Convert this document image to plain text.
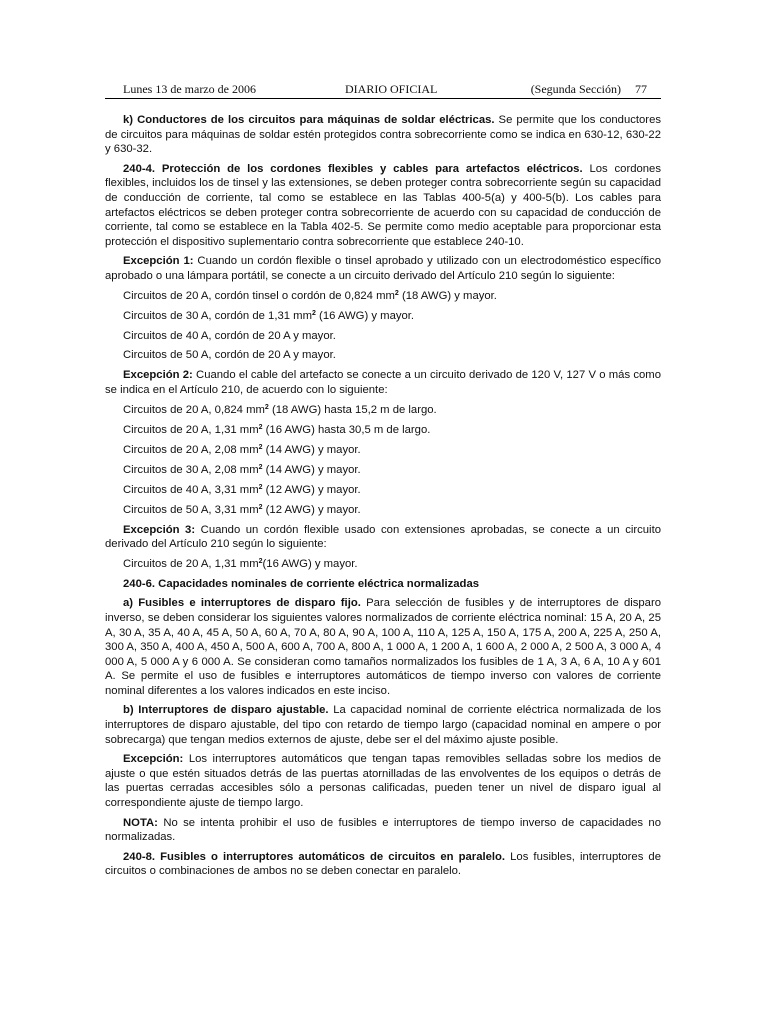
Lunes 13 de marzo de 2006	DIARIO OFICIAL	(Segunda Sección) 77

k) Conductores de los circuitos para máquinas de soldar eléctricas. Se permite que los conductores de circuitos para máquinas de soldar estén protegidos contra sobrecorriente como se indica en 630-12, 630-22 y 630-32.

240-4. Protección de los cordones flexibles y cables para artefactos eléctricos. Los cordones flexibles, incluidos los de tinsel y las extensiones, se deben proteger contra sobrecorriente según su capacidad de conducción de corriente, tal como se establece en las Tablas 400-5(a) y 400-5(b). Los cables para artefactos eléctricos se deben proteger contra sobrecorriente de acuerdo con su capacidad de conducción de corriente, tal como se establece en la Tabla 402-5. Se permite como medio aceptable para proporcionar esta protección el dispositivo suplementario contra sobrecorriente que establece 240-10.

Excepción 1: Cuando un cordón flexible o tinsel aprobado y utilizado con un electrodoméstico específico aprobado o una lámpara portátil, se conecte a un circuito derivado del Artículo 210 según lo siguiente:

Circuitos de 20 A, cordón tinsel o cordón de 0,824 $mm^2$ (18 AWG) y mayor.

Circuitos de 30 A, cordón de 1,31 $mm^2$ (16 AWG) y mayor.

Circuitos de 40 A, cordón de 20 A y mayor.

Circuitos de 50 A, cordón de 20 A y mayor.

Excepción 2: Cuando el cable del artefacto se conecte a un circuito derivado de 120 V, 127 V o más como se indica en el Artículo 210, de acuerdo con lo siguiente:

Circuitos de 20 A, 0,824 $mm^2$ (18 AWG) hasta 15,2 m de largo.

Circuitos de 20 A, 1,31 $mm^2$ (16 AWG) hasta 30,5 m de largo.

Circuitos de 20 A, 2,08 $mm^2$ (14 AWG) y mayor.

Circuitos de 30 A, 2,08 $mm^2$ (14 AWG) y mayor.

Circuitos de 40 A, 3,31 $mm^2$ (12 AWG) y mayor.

Circuitos de 50 A, 3,31 $mm^2$ (12 AWG) y mayor.

Excepción 3: Cuando un cordón flexible usado con extensiones aprobadas, se conecte a un circuito derivado del Artículo 210 según lo siguiente:

Circuitos de 20 A, 1,31 $mm^2(16$ AWG) y mayor.

240-6. Capacidades nominales de corriente eléctrica normalizadas

a) Fusibles e interruptores de disparo fijo. Para selección de fusibles y de interruptores de disparo inverso, se deben considerar los siguientes valores normalizados de corriente eléctrica nominal: 15 A, 20 A, 25 A, 30 A, 35 A, 40 A, 45 A, 50 A, 60 A, 70 A, 80 A, 90 A, 100 A, 110 A, 125 A, 150 A, 175 A, 200 A, 225 A, 250 A, 300 A, 350 A, 400 A, 450 A, 500 A, 600 A, 700 A, 800 A, 1 000 A, 1 200 A, 1 600 A, 2 000 A, 2 500 A, 3 000 A, 4 000 A, 5 000 A y 6 000 A. Se consideran como tamaños normalizados los fusibles de 1 A, 3 A, 6 A, 10 A y 601 A. Se permite el uso de fusibles e interruptores automáticos de tiempo inverso con valores de corriente nominal diferentes a los valores indicados en este inciso.

b) Interruptores de disparo ajustable. La capacidad nominal de corriente eléctrica normalizada de los interruptores de disparo ajustable, del tipo con retardo de tiempo largo (capacidad nominal en ampere o por sobrecarga) que tengan medios externos de ajuste, debe ser el del máximo ajuste posible.

Excepción: Los interruptores automáticos que tengan tapas removibles selladas sobre los medios de ajuste o que estén situados detrás de las puertas atornilladas de las envolventes de los equipos o detrás de las puertas cerradas accesibles sólo a personas calificadas, pueden tener un nivel de disparo igual al correspondiente ajuste de tiempo largo.

NOTA: No se intenta prohibir el uso de fusibles e interruptores de tiempo inverso de capacidades no normalizadas.

240-8. Fusibles o interruptores automáticos de circuitos en paralelo. Los fusibles, interruptores de circuitos o combinaciones de ambos no se deben conectar en paralelo.
